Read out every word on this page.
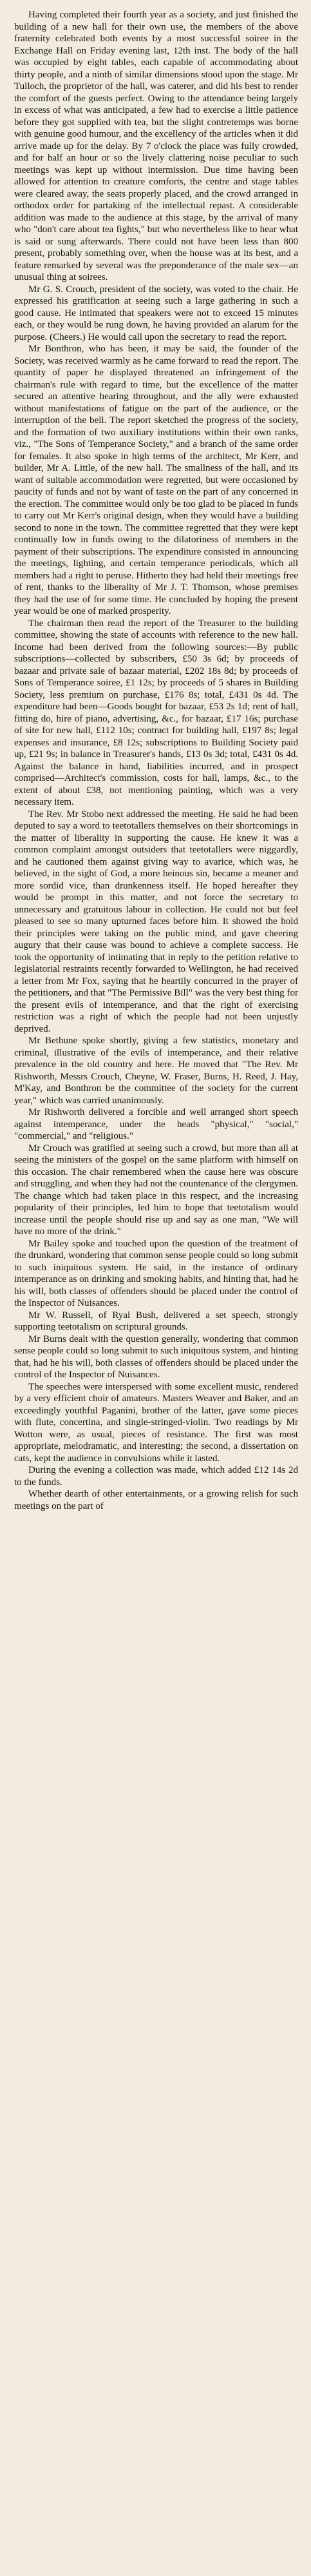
Having completed their fourth year as a society, and just finished the building of a new hall for their own use, the members of the above fraternity celebrated both events by a most successful soiree in the Exchange Hall on Friday evening last, 12th inst. The body of the hall was occupied by eight tables, each capable of accommodating about thirty people, and a ninth of similar dimensions stood upon the stage. Mr Tulloch, the proprietor of the hall, was caterer, and did his best to render the comfort of the guests perfect. Owing to the attendance being largely in excess of what was anticipated, a few had to exercise a little patience before they got supplied with tea, but the slight contretemps was borne with genuine good humour, and the excellency of the articles when it did arrive made up for the delay. By 7 o'clock the place was fully crowded, and for half an hour or so the lively clattering noise peculiar to such meetings was kept up without intermission. Due time having been allowed for attention to creature comforts, the centre and stage tables were cleared away, the seats properly placed, and the crowd arranged in orthodox order for partaking of the intellectual repast. A considerable addition was made to the audience at this stage, by the arrival of many who "don't care about tea fights," but who nevertheless like to hear what is said or sung afterwards. There could not have been less than 800 present, probably something over, when the house was at its best, and a feature remarked by several was the preponderance of the male sex—an unusual thing at soirees.

Mr G. S. Crouch, president of the society, was voted to the chair. He expressed his gratification at seeing such a large gathering in such a good cause. He intimated that speakers were not to exceed 15 minutes each, or they would be rung down, he having provided an alarum for the purpose. (Cheers.) He would call upon the secretary to read the report.

Mr Bonthron, who has been, it may be said, the founder of the Society, was received warmly as he came forward to read the report. The quantity of paper he displayed threatened an infringement of the chairman's rule with regard to time, but the excellence of the matter secured an attentive hearing throughout, and the ally were exhausted without manifestations of fatigue on the part of the audience, or the interruption of the bell. The report sketched the progress of the society, and the formation of two auxiliary institutions within their own ranks, viz., "The Sons of Temperance Society," and a branch of the same order for females. It also spoke in high terms of the architect, Mr Kerr, and builder, Mr A. Little, of the new hall. The smallness of the hall, and its want of suitable accommodation were regretted, but were occasioned by paucity of funds and not by want of taste on the part of any concerned in the erection. The committee would only be too glad to be placed in funds to carry out Mr Kerr's original design, when they would have a building second to none in the town. The committee regretted that they were kept continually low in funds owing to the dilatoriness of members in the payment of their subscriptions. The expenditure consisted in announcing the meetings, lighting, and certain temperance periodicals, which all members had a right to peruse. Hitherto they had held their meetings free of rent, thanks to the liberality of Mr J. T. Thomson, whose premises they had the use of for some time. He concluded by hoping the present year would be one of marked prosperity.

The chairman then read the report of the Treasurer to the building committee, showing the state of accounts with reference to the new hall. Income had been derived from the following sources:—By public subscriptions—collected by subscribers, £50 3s 6d; by proceeds of bazaar and private sale of bazaar material, £202 18s 8d; by proceeds of Sons of Temperance soiree, £1 12s; by proceeds of 5 shares in Building Society, less premium on purchase, £176 8s; total, £431 0s 4d. The expenditure had been—Goods bought for bazaar, £53 2s 1d; rent of hall, fitting do, hire of piano, advertising, &c., for bazaar, £17 16s; purchase of site for new hall, £112 10s; contract for building hall, £197 8s; legal expenses and insurance, £8 12s; subscriptions to Building Society paid up, £21 9s; in balance in Treasurer's hands, £13 0s 3d; total, £431 0s 4d. Against the balance in hand, liabilities incurred, and in prospect comprised—Architect's commission, costs for hall, lamps, &c., to the extent of about £38, not mentioning painting, which was a very necessary item.

The Rev. Mr Stobo next addressed the meeting. He said he had been deputed to say a word to teetotallers themselves on their shortcomings in the matter of liberality in supporting the cause. He knew it was a common complaint amongst outsiders that teetotallers were niggardly, and he cautioned them against giving way to avarice, which was, he believed, in the sight of God, a more heinous sin, became a meaner and more sordid vice, than drunkenness itself. He hoped hereafter they would be prompt in this matter, and not force the secretary to unnecessary and gratuitous labour in collection. He could not but feel pleased to see so many upturned faces before him. It showed the hold their principles were taking on the public mind, and gave cheering augury that their cause was bound to achieve a complete success. He took the opportunity of intimating that in reply to the petition relative to legislatorial restraints recently forwarded to Wellington, he had received a letter from Mr Fox, saying that he heartily concurred in the prayer of the petitioners, and that "The Permissive Bill" was the very best thing for the present evils of intemperance, and that the right of exercising restriction was a right of which the people had not been unjustly deprived.

Mr Bethune spoke shortly, giving a few statistics, monetary and criminal, illustrative of the evils of intemperance, and their relative prevalence in the old country and here. He moved that "The Rev. Mr Rishworth, Messrs Crouch, Cheyne, W. Fraser, Burns, H. Reed, J. Hay, M'Kay, and Bonthron be the committee of the society for the current year," which was carried unanimously.

Mr Rishworth delivered a forcible and well arranged short speech against intemperance, under the heads "physical," "social," "commercial," and "religious."

Mr Crouch was gratified at seeing such a crowd, but more than all at seeing the ministers of the gospel on the same platform with himself on this occasion. The chair remembered when the cause here was obscure and struggling, and when they had not the countenance of the clergymen. The change which had taken place in this respect, and the increasing popularity of their principles, led him to hope that teetotalism would increase until the people should rise up and say as one man, "We will have no more of the drink."

Mr Bailey spoke and touched upon the question of the treatment of the drunkard, wondering that common sense people could so long submit to such iniquitous system. He said, in the instance of ordinary intemperance as on drinking and smoking habits, and hinting that, had he his will, both classes of offenders should be placed under the control of the Inspector of Nuisances.

Mr W. Russell, of Ryal Bush, delivered a set speech, strongly supporting teetotalism on scriptural grounds.

Mr Burns dealt with the question generally, wondering that common sense people could so long submit to such iniquitous system, and hinting that, had he his will, both classes of offenders should be placed under the control of the Inspector of Nuisances.

The speeches were interspersed with some excellent music, rendered by a very efficient choir of amateurs. Masters Weaver and Baker, and an exceedingly youthful Paganini, brother of the latter, gave some pieces with flute, concertina, and single-stringed-violin. Two readings by Mr Wotton were, as usual, pieces of resistance. The first was most appropriate, melodramatic, and interesting; the second, a dissertation on cats, kept the audience in convulsions while it lasted.

During the evening a collection was made, which added £12 14s 2d to the funds.

Whether dearth of other entertainments, or a growing relish for such meetings on the part of
